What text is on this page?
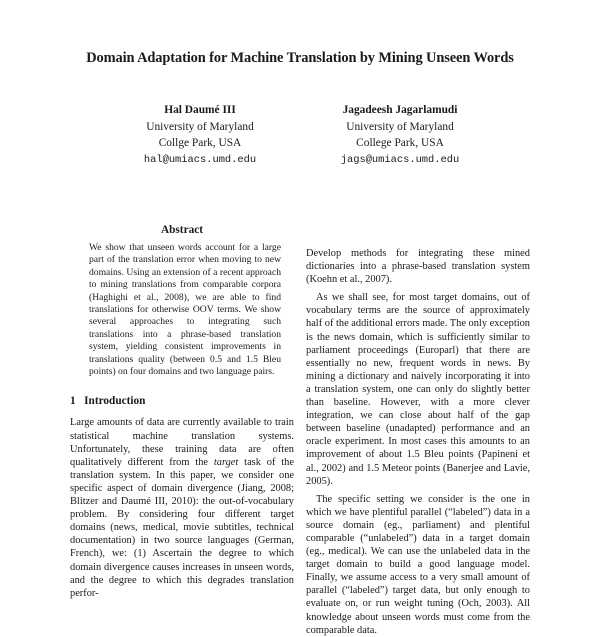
Domain Adaptation for Machine Translation by Mining Unseen Words
Hal Daumé III
University of Maryland
Collge Park, USA
hal@umiacs.umd.edu
Jagadeesh Jagarlamudi
University of Maryland
College Park, USA
jags@umiacs.umd.edu
Abstract

We show that unseen words account for a large part of the translation error when moving to new domains. Using an extension of a recent approach to mining translations from comparable corpora (Haghighi et al., 2008), we are able to find translations for otherwise OOV terms. We show several approaches to integrating such translations into a phrase-based translation system, yielding consistent improvements in translations quality (between 0.5 and 1.5 Bleu points) on four domains and two language pairs.

1 Introduction

Large amounts of data are currently available to train statistical machine translation systems. Unfortunately, these training data are often qualitatively different from the target task of the translation system. In this paper, we consider one specific aspect of domain divergence (Jiang, 2008; Blitzer and Daumé III, 2010): the out-of-vocabulary problem. By considering four different target domains (news, medical, movie subtitles, technical documentation) in two source languages (German, French), we: (1) Ascertain the degree to which domain divergence causes increases in unseen words, and the degree to which this degrades translation perfor-

Develop methods for integrating these mined dictionaries into a phrase-based translation system (Koehn et al., 2007).

As we shall see, for most target domains, out of vocabulary terms are the source of approximately half of the additional errors made. The only exception is the news domain, which is sufficiently similar to parliament proceedings (Europarl) that there are essentially no new, frequent words in news. By mining a dictionary and naively incorporating it into a translation system, one can only do slightly better than baseline. However, with a more clever integration, we can close about half of the gap between baseline (unadapted) performance and an oracle experiment. In most cases this amounts to an improvement of about 1.5 Bleu points (Papineni et al., 2002) and 1.5 Meteor points (Banerjee and Lavie, 2005).

The specific setting we consider is the one in which we have plentiful parallel (“labeled”) data in a source domain (eg., parliament) and plentiful comparable (“unlabeled”) data in a target domain (eg., medical). We can use the unlabeled data in the target domain to build a good language model. Finally, we assume access to a very small amount of parallel (“labeled”) target data, but only enough to evaluate on, or run weight tuning (Och, 2003). All knowledge about unseen words must come from the comparable data.
